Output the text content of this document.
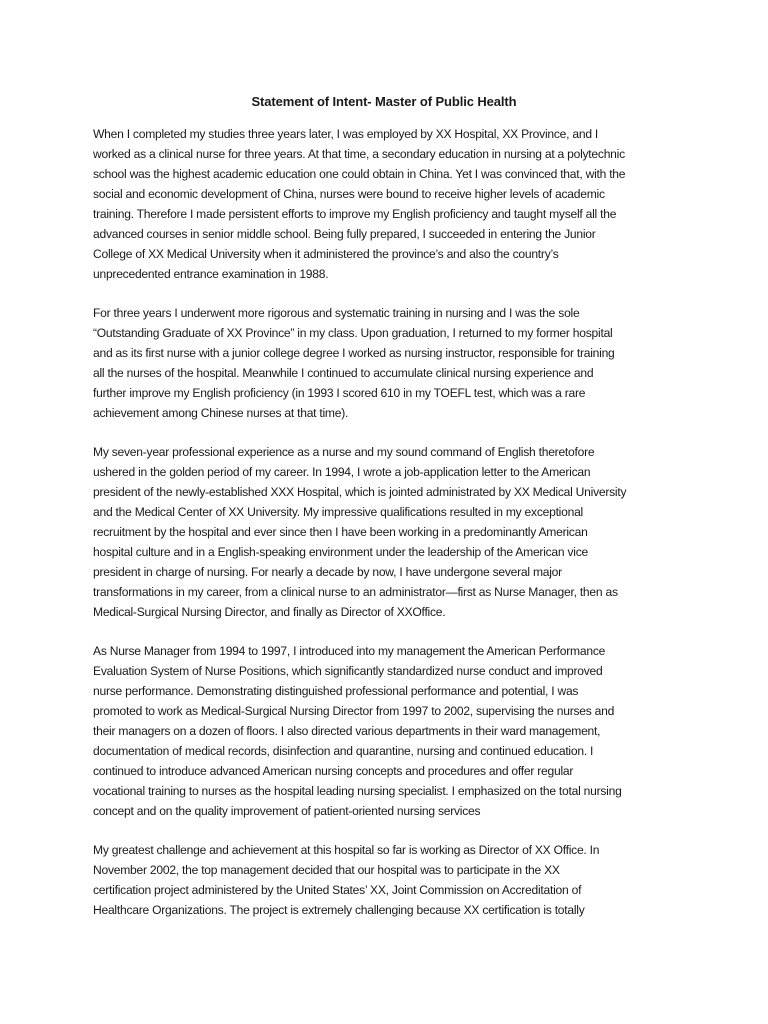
Statement of Intent- Master of Public Health

When I completed my studies three years later, I was employed by XX Hospital, XX Province, and I
worked as a clinical nurse for three years. At that time, a secondary education in nursing at a polytechnic
school was the highest academic education one could obtain in China. Yet I was convinced that, with the
social and economic development of China, nurses were bound to receive higher levels of academic
training. Therefore I made persistent efforts to improve my English proficiency and taught myself all the
advanced courses in senior middle school. Being fully prepared, I succeeded in entering the Junior
College of XX Medical University when it administered the province’s and also the country’s
unprecedented entrance examination in 1988.

For three years I underwent more rigorous and systematic training in nursing and I was the sole
“Outstanding Graduate of XX Province” in my class. Upon graduation, I returned to my former hospital
and as its first nurse with a junior college degree I worked as nursing instructor, responsible for training
all the nurses of the hospital. Meanwhile I continued to accumulate clinical nursing experience and
further improve my English proficiency (in 1993 I scored 610 in my TOEFL test, which was a rare
achievement among Chinese nurses at that time).

My seven-year professional experience as a nurse and my sound command of English theretofore
ushered in the golden period of my career. In 1994, I wrote a job-application letter to the American
president of the newly-established XXX Hospital, which is jointed administrated by XX Medical University
and the Medical Center of XX University. My impressive qualifications resulted in my exceptional
recruitment by the hospital and ever since then I have been working in a predominantly American
hospital culture and in a English-speaking environment under the leadership of the American vice
president in charge of nursing. For nearly a decade by now, I have undergone several major
transformations in my career, from a clinical nurse to an administrator—first as Nurse Manager, then as
Medical-Surgical Nursing Director, and finally as Director of XXOffice.

As Nurse Manager from 1994 to 1997, I introduced into my management the American Performance
Evaluation System of Nurse Positions, which significantly standardized nurse conduct and improved
nurse performance. Demonstrating distinguished professional performance and potential, I was
promoted to work as Medical-Surgical Nursing Director from 1997 to 2002, supervising the nurses and
their managers on a dozen of floors. I also directed various departments in their ward management,
documentation of medical records, disinfection and quarantine, nursing and continued education. I
continued to introduce advanced American nursing concepts and procedures and offer regular
vocational training to nurses as the hospital leading nursing specialist. I emphasized on the total nursing
concept and on the quality improvement of patient-oriented nursing services

My greatest challenge and achievement at this hospital so far is working as Director of XX Office. In
November 2002, the top management decided that our hospital was to participate in the XX
certification project administered by the United States’ XX, Joint Commission on Accreditation of
Healthcare Organizations. The project is extremely challenging because XX certification is totally
